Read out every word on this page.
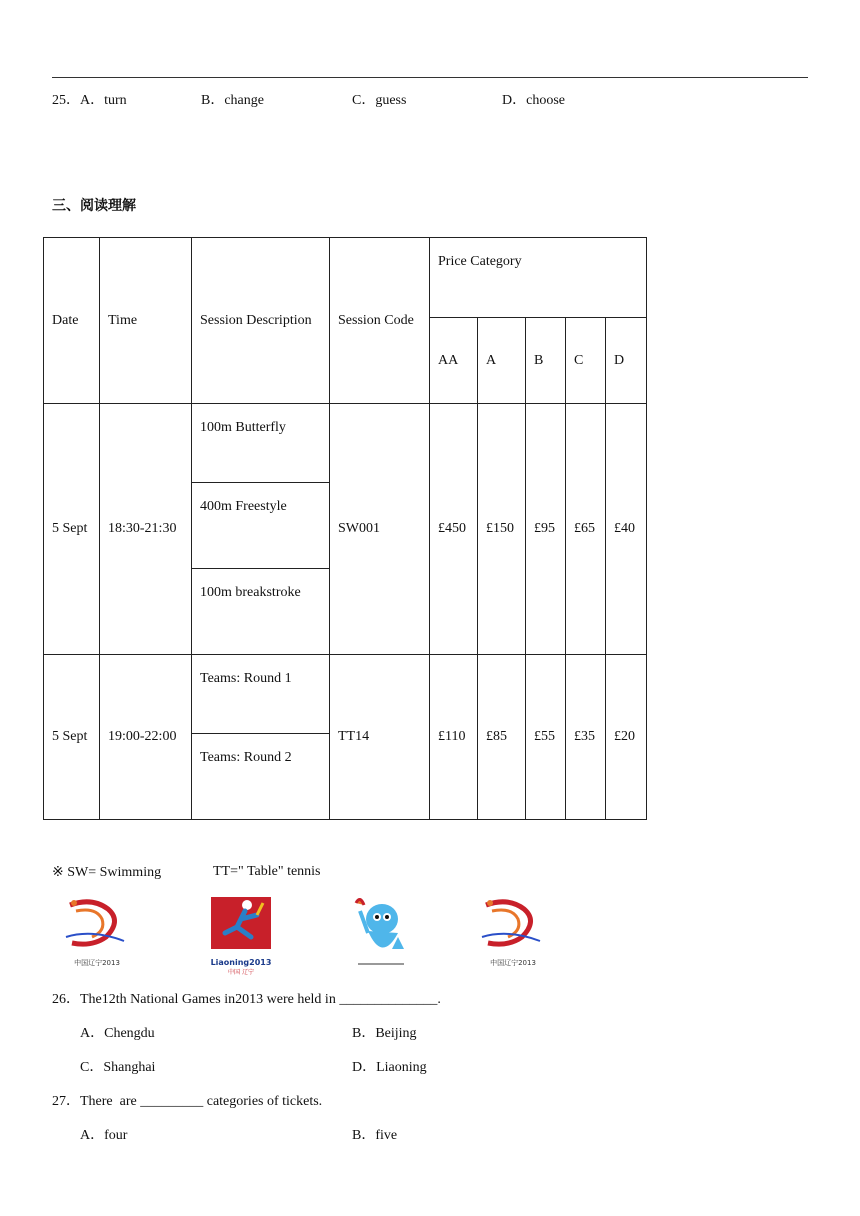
25． A．turn	B．change	C．guess	D．choose
三、阅读理解
Date	Time	Session Description	Session Code	Price Category				
				AA	A	B	C	D
5 Sept	18:30-21:30	100m Butterfly	SW001	£450	£150	£95	£65	£40
		400m Freestyle						
		100m breakstroke						
5 Sept	19:00-22:00	Teams: Round 1	TT14	£110	£85	£55	£35	£20
		Teams: Round 2						
※ SW= Swimming	TT=" Table" tennis
中国辽宁2013	Liaoning2013
中国 辽宁
中国辽宁2013
26．The12th National Games in2013 were held in ______________.
A．Chengdu	B．Beijing
C．Shanghai	D．Liaoning
27．There  are _________ categories of tickets.
A．four	B．five
